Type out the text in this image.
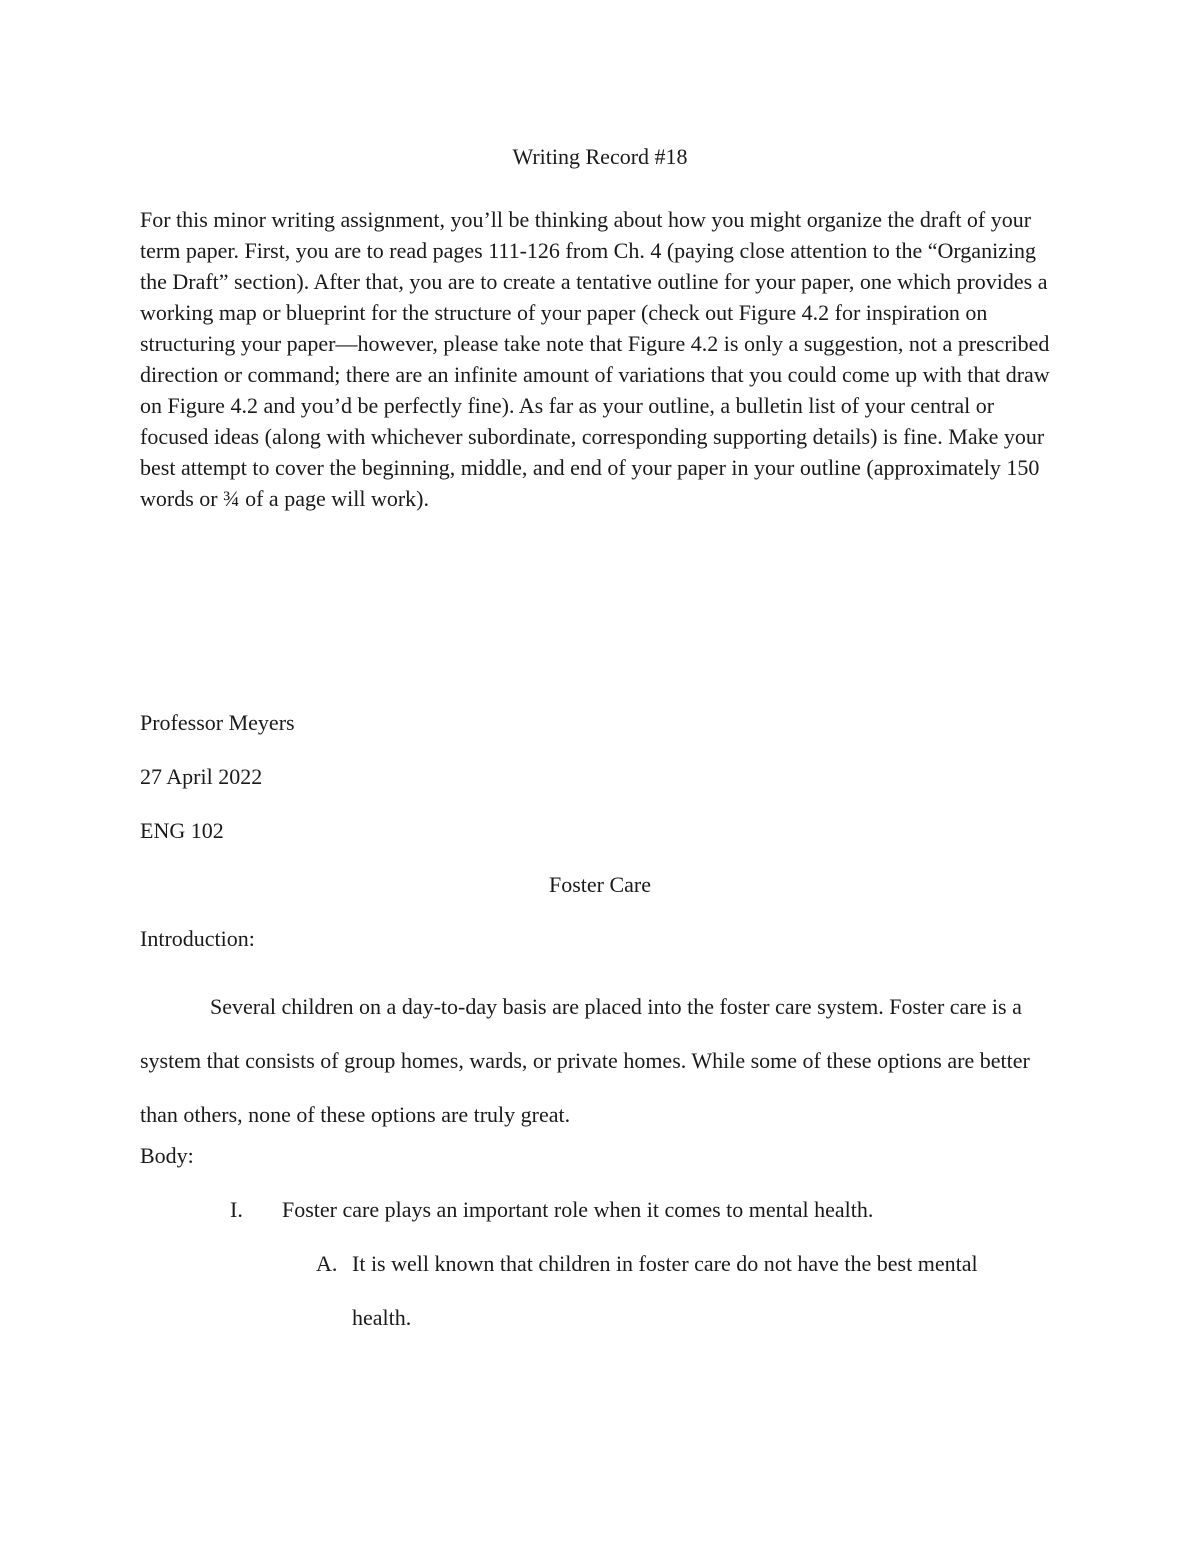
Writing Record #18

For this minor writing assignment, you’ll be thinking about how you might organize the draft of your term paper. First, you are to read pages 111-126 from Ch. 4 (paying close attention to the “Organizing the Draft” section). After that, you are to create a tentative outline for your paper, one which provides a working map or blueprint for the structure of your paper (check out Figure 4.2 for inspiration on structuring your paper—however, please take note that Figure 4.2 is only a suggestion, not a prescribed direction or command; there are an infinite amount of variations that you could come up with that draw on Figure 4.2 and you’d be perfectly fine). As far as your outline, a bulletin list of your central or focused ideas (along with whichever subordinate, corresponding supporting details) is fine. Make your best attempt to cover the beginning, middle, and end of your paper in your outline (approximately 150 words or ¾ of a page will work).

Professor Meyers

27 April 2022

ENG 102

Foster Care

Introduction:

Several children on a day-to-day basis are placed into the foster care system. Foster care is a system that consists of group homes, wards, or private homes. While some of these options are better than others, none of these options are truly great.

Body:

I. Foster care plays an important role when it comes to mental health.
A. It is well known that children in foster care do not have the best mental
health.
